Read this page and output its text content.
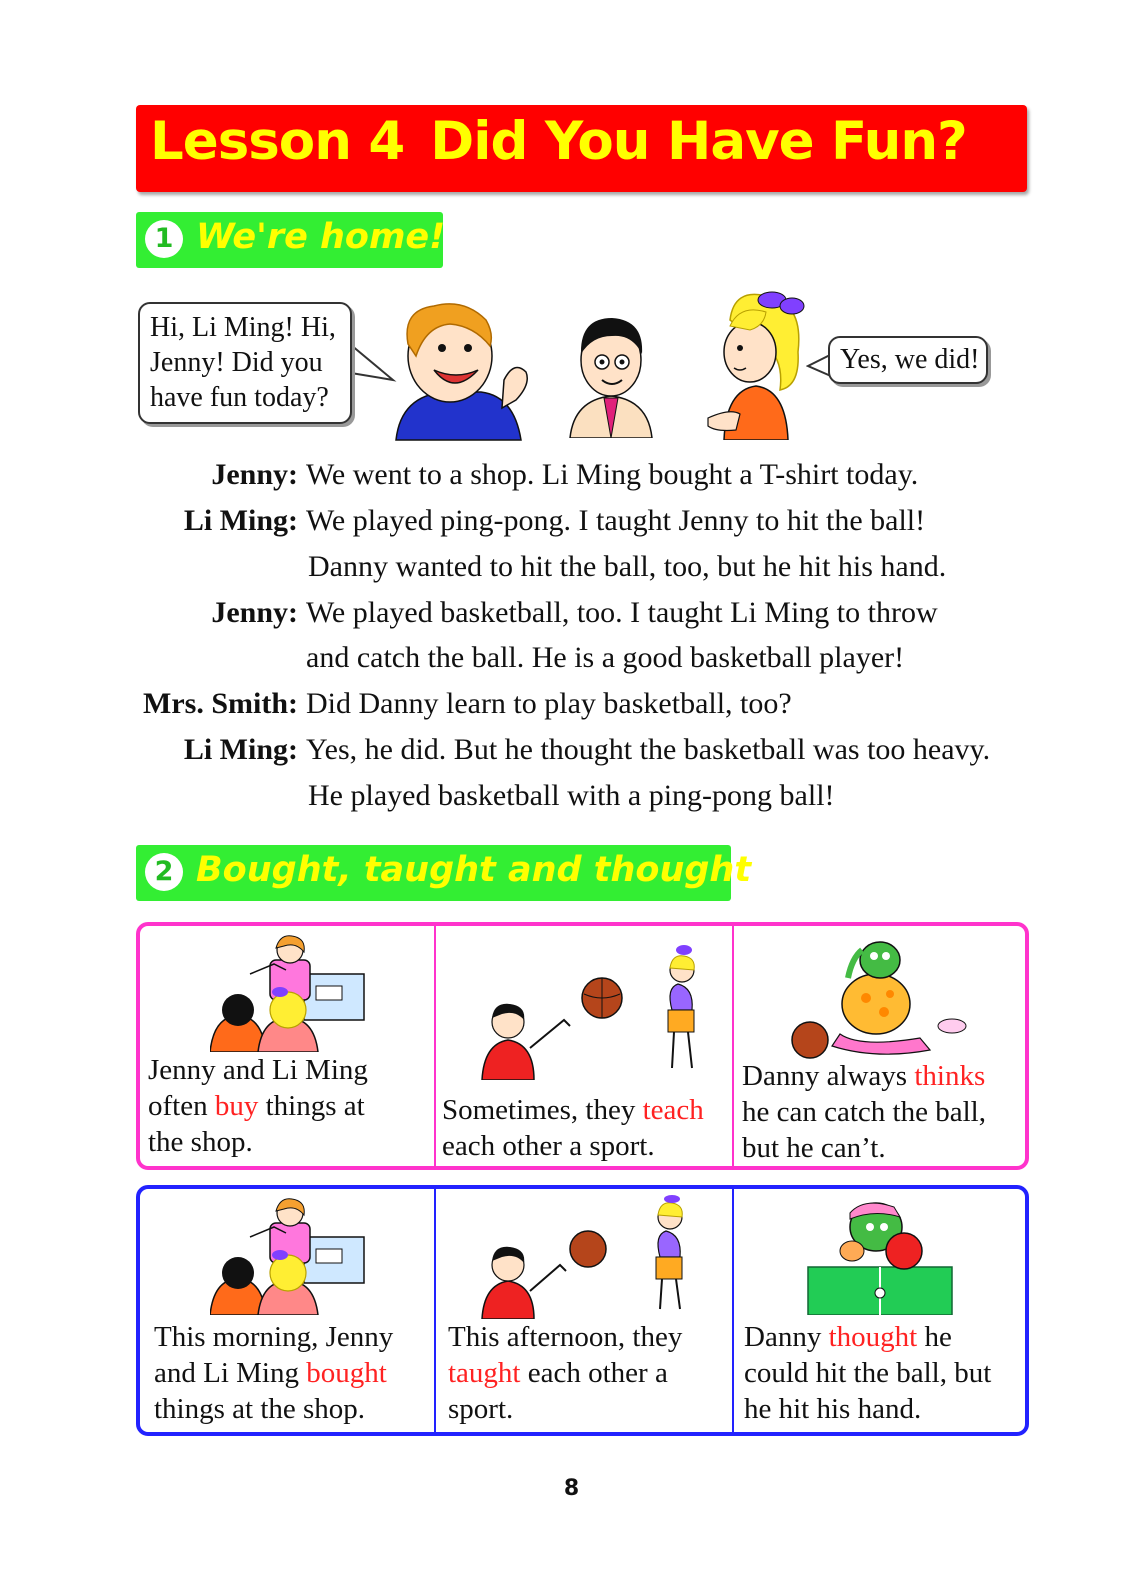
Lesson 4 Did You Have Fun?
1 We're home!
Hi, Li Ming! Hi,
Jenny! Did you
have fun today?
Yes, we did!
Jenny: We went to a shop. Li Ming bought a T-shirt today.
Li Ming: We played ping-pong. I taught Jenny to hit the ball!
Danny wanted to hit the ball, too, but he hit his hand.
Jenny: We played basketball, too. I taught Li Ming to throw
and catch the ball. He is a good basketball player!
Mrs. Smith: Did Danny learn to play basketball, too?
Li Ming: Yes, he did. But he thought the basketball was too heavy.
He played basketball with a ping-pong ball!
2 Bought, taught and thought
Jenny and Li Ming
often buy things at
the shop.
Sometimes, they teach
each other a sport.
Danny always thinks
he can catch the ball,
but he can’t.
This morning, Jenny
and Li Ming bought
things at the shop.
This afternoon, they
taught each other a
sport.
Danny thought he
could hit the ball, but
he hit his hand.
8
